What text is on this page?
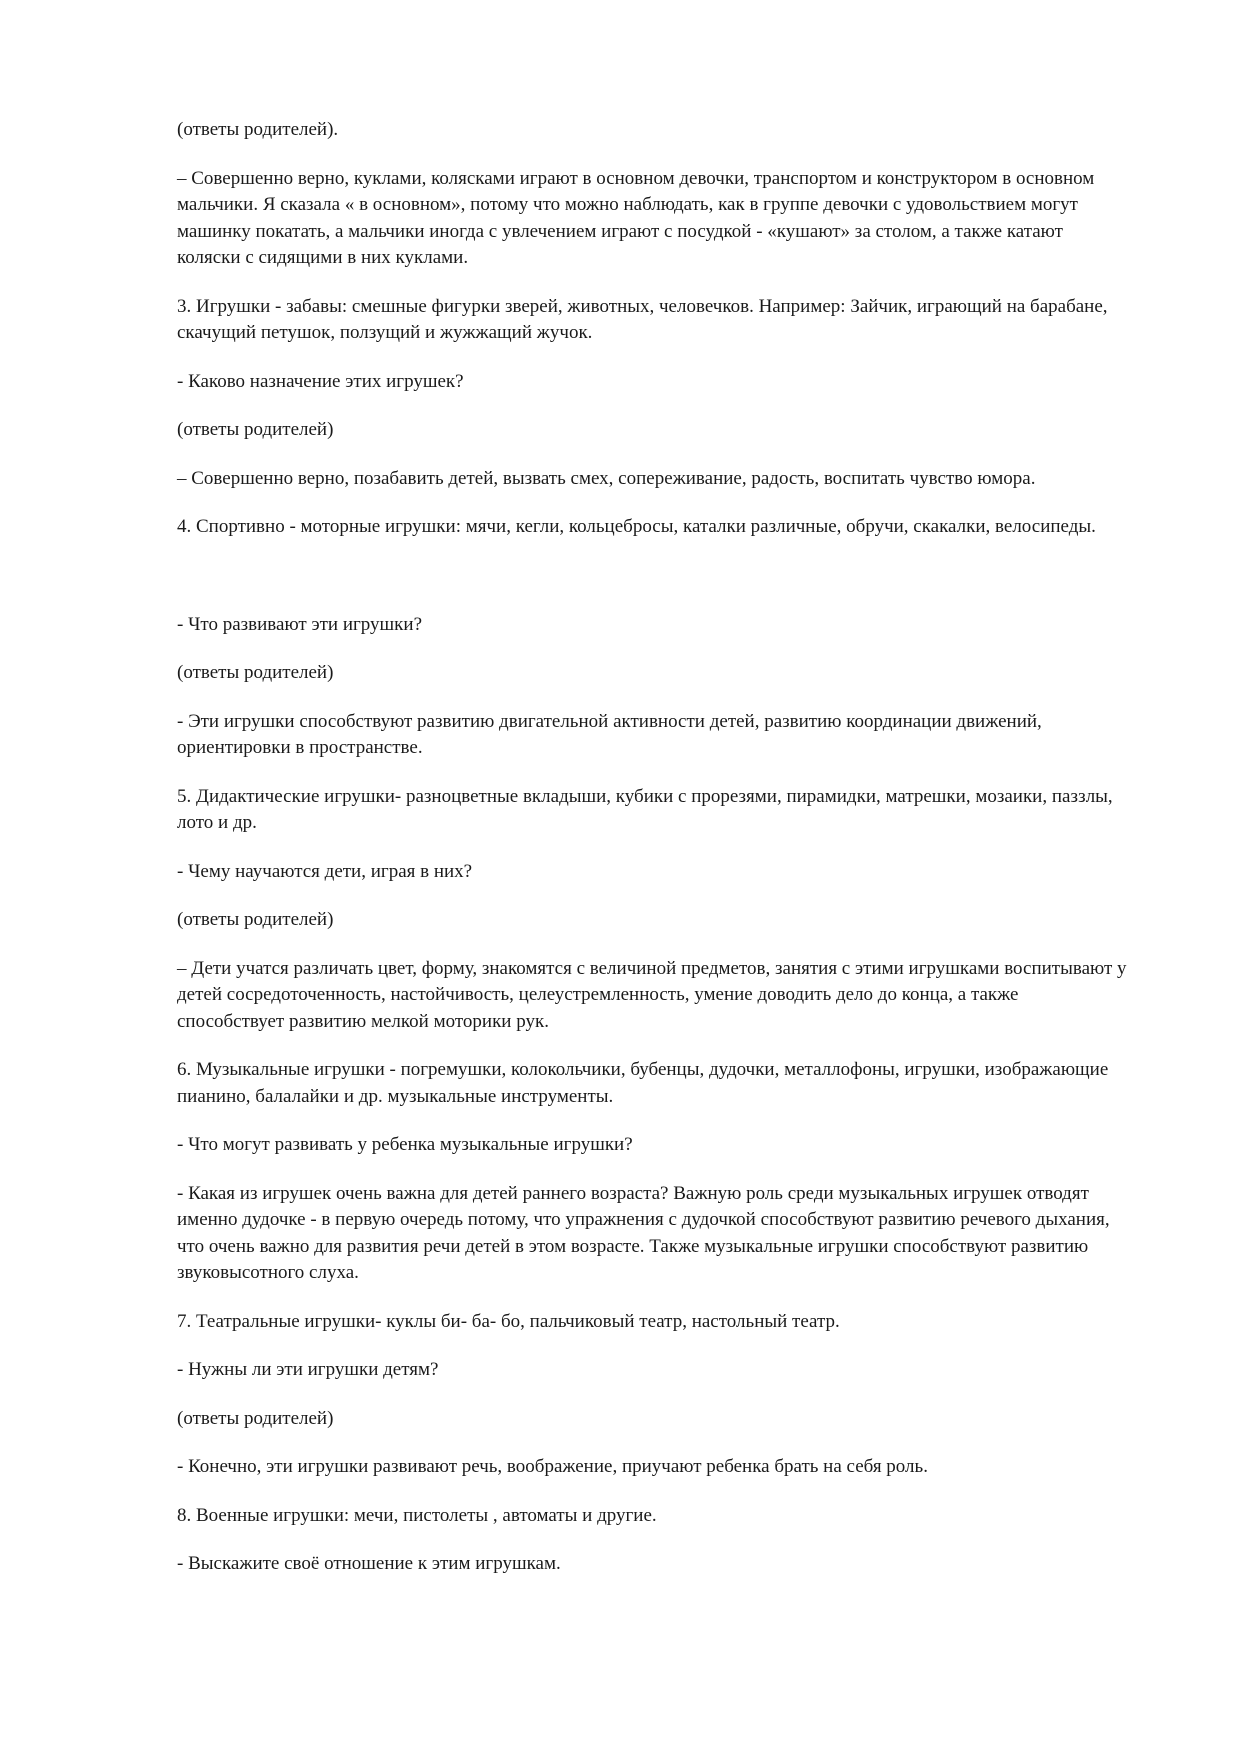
(ответы родителей).

– Совершенно верно, куклами, колясками играют в основном девочки, транспортом и конструктором в основном мальчики. Я сказала « в основном», потому что можно наблюдать, как в группе девочки с удовольствием могут машинку покатать, а мальчики иногда с увлечением играют с посудкой - «кушают» за столом, а также катают коляски с сидящими в них куклами.

3. Игрушки - забавы: смешные фигурки зверей, животных, человечков. Например: Зайчик, играющий на барабане, скачущий петушок, ползущий и жужжащий жучок.

- Каково назначение этих игрушек?

(ответы родителей)

– Совершенно верно, позабавить детей, вызвать смех, сопереживание, радость, воспитать чувство юмора.

4. Спортивно - моторные игрушки: мячи, кегли, кольцебросы, каталки различные, обручи, скакалки, велосипеды.

- Что развивают эти игрушки?

(ответы родителей)

- Эти игрушки способствуют развитию двигательной активности детей, развитию координации движений, ориентировки в пространстве.

5. Дидактические игрушки- разноцветные вкладыши, кубики с прорезями, пирамидки, матрешки, мозаики, паззлы, лото и др.

- Чему научаются дети, играя в них?

(ответы родителей)

– Дети учатся различать цвет, форму, знакомятся с величиной предметов, занятия с этими игрушками воспитывают у детей сосредоточенность, настойчивость, целеустремленность, умение доводить дело до конца, а также способствует развитию мелкой моторики рук.

6. Музыкальные игрушки - погремушки, колокольчики, бубенцы, дудочки, металлофоны, игрушки, изображающие пианино, балалайки и др. музыкальные инструменты.

- Что могут развивать у ребенка музыкальные игрушки?

- Какая из игрушек очень важна для детей раннего возраста? Важную роль среди музыкальных игрушек отводят именно дудочке - в первую очередь потому, что упражнения с дудочкой способствуют развитию речевого дыхания, что очень важно для развития речи детей в этом возрасте. Также музыкальные игрушки способствуют развитию звуковысотного слуха.

7. Театральные игрушки- куклы би- ба- бо, пальчиковый театр, настольный театр.

- Нужны ли эти игрушки детям?

(ответы родителей)

- Конечно, эти игрушки развивают речь, воображение, приучают ребенка брать на себя роль.

8. Военные игрушки: мечи, пистолеты , автоматы и другие.

- Выскажите своё отношение к этим игрушкам.
